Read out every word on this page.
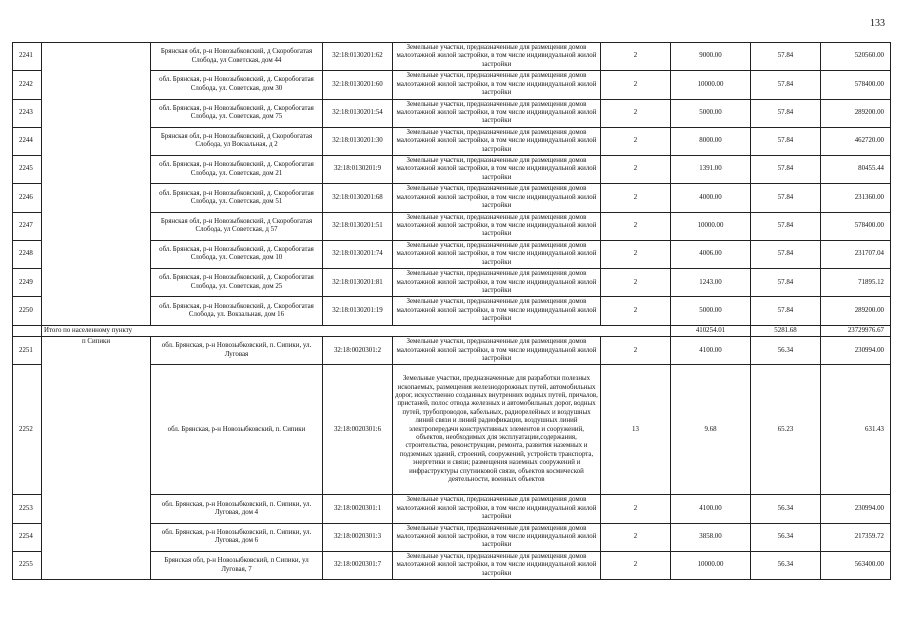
133
2241		Брянская обл, р-н Новозыбковский, д Скоробогатая Слобода, ул Советская, дом 44	32:18:0130201:62	Земельные участки, предназначенные для размещения домов малоэтажной жилой застройки, в том числе индивидуальной жилой застройки	2	9000.00	57.84	520560.00
2242		обл. Брянская, р-н Новозыбковский, д. Скоробогатая Слобода, ул. Советская, дом 30	32:18:0130201:60	Земельные участки, предназначенные для размещения домов малоэтажной жилой застройки, в том числе индивидуальной жилой застройки	2	10000.00	57.84	578400.00
2243		обл. Брянская, р-н Новозыбковский, д. Скоробогатая Слобода, ул. Советская, дом 75	32:18:0130201:54	Земельные участки, предназначенные для размещения домов малоэтажной жилой застройки, в том числе индивидуальной жилой застройки	2	5000.00	57.84	289200.00
2244		Брянская обл, р-н Новозыбковский, д Скоробогатая Слобода, ул Вокзальная, д 2	32:18:0130201:30	Земельные участки, предназначенные для размещения домов малоэтажной жилой застройки, в том числе индивидуальной жилой застройки	2	8000.00	57.84	462720.00
2245		обл. Брянская, р-н Новозыбковский, д. Скоробогатая Слобода, ул. Советская, дом 21	32:18:0130201:9	Земельные участки, предназначенные для размещения домов малоэтажной жилой застройки, в том числе индивидуальной жилой застройки	2	1391.00	57.84	80455.44
2246		обл. Брянская, р-н Новозыбковский, д. Скоробогатая Слобода, ул. Советская, дом 51	32:18:0130201:68	Земельные участки, предназначенные для размещения домов малоэтажной жилой застройки, в том числе индивидуальной жилой застройки	2	4000.00	57.84	231360.00
2247		Брянская обл, р-н Новозыбковский, д Скоробогатая Слобода, ул Советская, д 57	32:18:0130201:51	Земельные участки, предназначенные для размещения домов малоэтажной жилой застройки, в том числе индивидуальной жилой застройки	2	10000.00	57.84	578400.00
2248		обл. Брянская, р-н Новозыбковский, д. Скоробогатая Слобода, ул. Советская, дом 10	32:18:0130201:74	Земельные участки, предназначенные для размещения домов малоэтажной жилой застройки, в том числе индивидуальной жилой застройки	2	4006.00	57.84	231707.04
2249		обл. Брянская, р-н Новозыбковский, д. Скоробогатая Слобода, ул. Советская, дом 25	32:18:0130201:81	Земельные участки, предназначенные для размещения домов малоэтажной жилой застройки, в том числе индивидуальной жилой застройки	2	1243.00	57.84	71895.12
2250		обл. Брянская, р-н Новозыбковский, д. Скоробогатая Слобода, ул. Вокзальная, дом 16	32:18:0130201:19	Земельные участки, предназначенные для размещения домов малоэтажной жилой застройки, в том числе индивидуальной жилой застройки	2	5000.00	57.84	289200.00
	Итого по населенному пункту					410254.01	5281.68	23729976.67
2251	п Сипики	обл. Брянская, р-н Новозыбковский, п. Сипики, ул. Луговая	32:18:0020301:2	Земельные участки, предназначенные для размещения домов малоэтажной жилой застройки, в том числе индивидуальной жилой застройки	2	4100.00	56.34	230994.00
2252		обл. Брянская, р-н Новозыбковский, п. Сипики	32:18:0020301:6	Земельные участки, предназначенные для разработки полезных ископаемых, размещения железнодорожных путей, автомобильных дорог, искусственно созданных внутренних водных путей, причалов, пристаней, полос отвода железных и автомобильных дорог, водных путей, трубопроводов, кабельных, радиорелейных и воздушных линий связи и линий радиофикации, воздушных линий электропередачи конструктивных элементов и сооружений, объектов, необходимых для эксплуатации,содержания, строительства, реконструкции, ремонта, развития наземных и подземных зданий, строений, сооружений, устройств транспорта, энергетики и связи; размещения наземных сооружений и инфраструктуры спутниковой связи, объектов космической деятельности, военных объектов	13	9.68	65.23	631.43
2253		обл. Брянская, р-н Новозыбковский, п. Сипики, ул. Луговая, дом 4	32:18:0020301:1	Земельные участки, предназначенные для размещения домов малоэтажной жилой застройки, в том числе индивидуальной жилой застройки	2	4100.00	56.34	230994.00
2254		обл. Брянская, р-н Новозыбковский, п. Сипики, ул. Луговая, дом 6	32:18:0020301:3	Земельные участки, предназначенные для размещения домов малоэтажной жилой застройки, в том числе индивидуальной жилой застройки	2	3858.00	56.34	217359.72
2255		Брянская обл, р-н Новозыбковский, п Сипики, ул Луговая, 7	32:18:0020301:7	Земельные участки, предназначенные для размещения домов малоэтажной жилой застройки, в том числе индивидуальной жилой застройки	2	10000.00	56.34	563400.00
